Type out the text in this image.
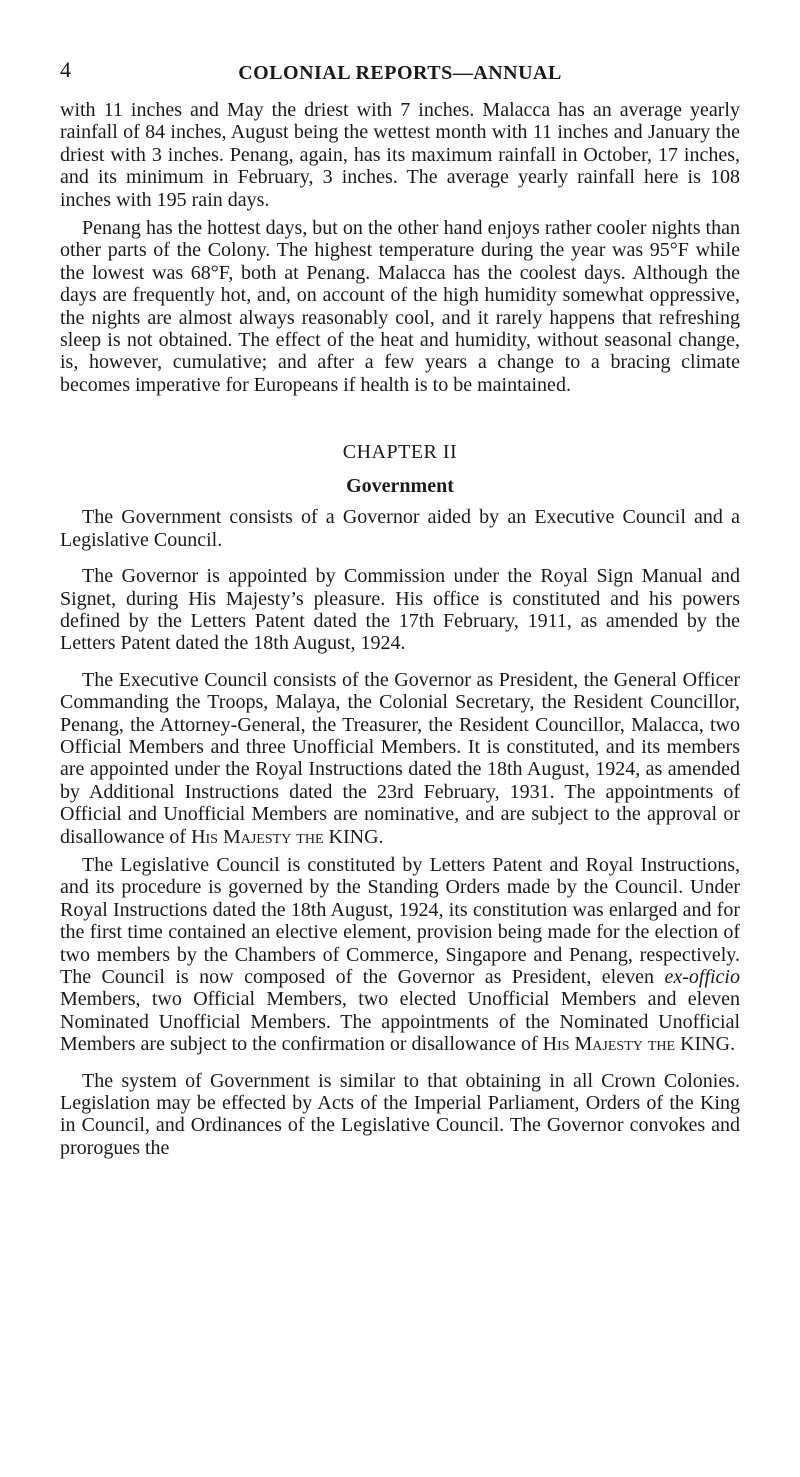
4	COLONIAL REPORTS—ANNUAL

with 11 inches and May the driest with 7 inches. Malacca has an average yearly rainfall of 84 inches, August being the wettest month with 11 inches and January the driest with 3 inches. Penang, again, has its maximum rainfall in October, 17 inches, and its minimum in February, 3 inches. The average yearly rainfall here is 108 inches with 195 rain days.

Penang has the hottest days, but on the other hand enjoys rather cooler nights than other parts of the Colony. The highest temperature during the year was 95°F while the lowest was 68°F, both at Penang. Malacca has the coolest days. Although the days are frequently hot, and, on account of the high humidity somewhat oppressive, the nights are almost always reasonably cool, and it rarely happens that refreshing sleep is not obtained. The effect of the heat and humidity, without seasonal change, is, however, cumulative; and after a few years a change to a bracing climate becomes imperative for Europeans if health is to be maintained.

CHAPTER II
Government

The Government consists of a Governor aided by an Executive Council and a Legislative Council.

The Governor is appointed by Commission under the Royal Sign Manual and Signet, during His Majesty’s pleasure. His office is constituted and his powers defined by the Letters Patent dated the 17th February, 1911, as amended by the Letters Patent dated the 18th August, 1924.

The Executive Council consists of the Governor as President, the General Officer Commanding the Troops, Malaya, the Colonial Secretary, the Resident Councillor, Penang, the Attorney-General, the Treasurer, the Resident Councillor, Malacca, two Official Members and three Unofficial Members. It is constituted, and its members are appointed under the Royal Instructions dated the 18th August, 1924, as amended by Additional Instructions dated the 23rd February, 1931. The appointments of Official and Unofficial Members are nominative, and are subject to the approval or disallowance of His Majesty the KING.

The Legislative Council is constituted by Letters Patent and Royal Instructions, and its procedure is governed by the Standing Orders made by the Council. Under Royal Instructions dated the 18th August, 1924, its constitution was enlarged and for the first time contained an elective element, provision being made for the election of two members by the Chambers of Commerce, Singapore and Penang, respectively. The Council is now composed of the Governor as President, eleven ex-officio Members, two Official Members, two elected Unofficial Members and eleven Nominated Unofficial Members. The appointments of the Nominated Unofficial Members are subject to the confirmation or disallowance of His Majesty the KING.

The system of Government is similar to that obtaining in all Crown Colonies. Legislation may be effected by Acts of the Imperial Parliament, Orders of the King in Council, and Ordinances of the Legislative Council. The Governor convokes and prorogues the
